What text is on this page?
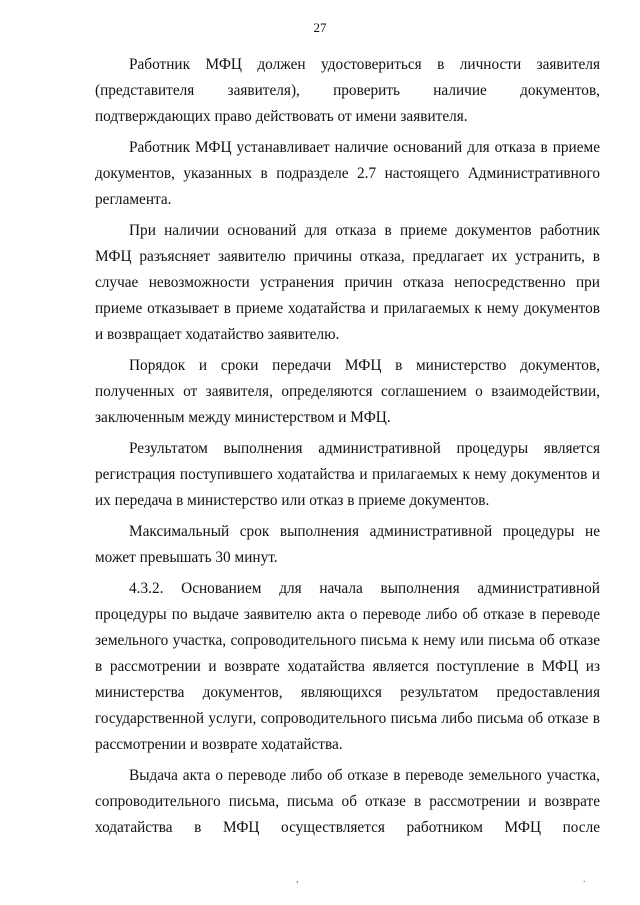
27

Работник МФЦ должен удостовериться в личности заявителя (представителя заявителя), проверить наличие документов, подтверждающих право действовать от имени заявителя.

Работник МФЦ устанавливает наличие оснований для отказа в приеме документов, указанных в подразделе 2.7 настоящего Административного регламента.

При наличии оснований для отказа в приеме документов работник МФЦ разъясняет заявителю причины отказа, предлагает их устранить, в случае невозможности устранения причин отказа непосредственно при приеме отказывает в приеме ходатайства и прилагаемых к нему документов и возвращает ходатайство заявителю.

Порядок и сроки передачи МФЦ в министерство документов, полученных от заявителя, определяются соглашением о взаимодействии, заключенным между министерством и МФЦ.

Результатом выполнения административной процедуры является регистрация поступившего ходатайства и прилагаемых к нему документов и их передача в министерство или отказ в приеме документов.

Максимальный срок выполнения административной процедуры не может превышать 30 минут.

4.3.2. Основанием для начала выполнения административной процедуры по выдаче заявителю акта о переводе либо об отказе в переводе земельного участка, сопроводительного письма к нему или письма об отказе в рассмотрении и возврате ходатайства является поступление в МФЦ из министерства документов, являющихся результатом предоставления государственной услуги, сопроводительного письма либо письма об отказе в рассмотрении и возврате ходатайства.

Выдача акта о переводе либо об отказе в переводе земельного участка, сопроводительного письма, письма об отказе в рассмотрении и возврате ходатайства в МФЦ осуществляется работником МФЦ после

,	.
